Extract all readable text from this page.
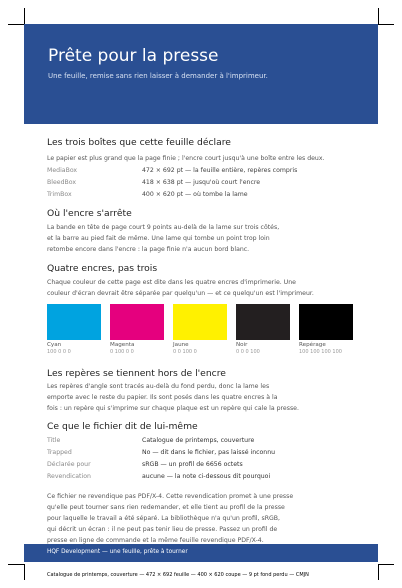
Prête pour la presse
Une feuille, remise sans rien laisser à demander à l'imprimeur.
Les trois boîtes que cette feuille déclare

Le papier est plus grand que la page finie ; l'encre court jusqu'à une boîte entre les deux.

MediaBox	472 × 692 pt — la feuille entière, repères compris
BleedBox	418 × 638 pt — jusqu'où court l'encre
TrimBox	400 × 620 pt — où tombe la lame
Où l'encre s'arrête

La bande en tête de page court 9 points au-delà de la lame sur trois côtés,

et la barre au pied fait de même. Une lame qui tombe un point trop loin

retombe encore dans l'encre : la page finie n'a aucun bord blanc.

Quatre encres, pas trois

Chaque couleur de cette page est dite dans les quatre encres d'imprimerie. Une

couleur d'écran devrait être séparée par quelqu'un — et ce quelqu'un est l'imprimeur.

Les repères se tiennent hors de l'encre

Les repères d'angle sont tracés au-delà du fond perdu, donc la lame les

emporte avec le reste du papier. Ils sont posés dans les quatre encres à la

fois : un repère qui s'imprime sur chaque plaque est un repère qui cale la presse.

Ce que le fichier dit de lui-même
Title	Catalogue de printemps, couverture
Trapped	No — dit dans le fichier, pas laissé inconnu
Déclarée pour	sRGB — un profil de 6656 octets
Revendication	aucune — la note ci-dessous dit pourquoi

Ce fichier ne revendique pas PDF/X-4. Cette revendication promet à une presse

qu'elle peut tourner sans rien redemander, et elle tient au profil de la presse

pour laquelle le travail a été séparé. La bibliothèque n'a qu'un profil, sRGB,

qui décrit un écran : il ne peut pas tenir lieu de presse. Passez un profil de

presse en ligne de commande et la même feuille revendique PDF/X-4.

Cyan
100 0 0 0
Magenta
0 100 0 0
Jaune
0 0 100 0
Noir
0 0 0 100
Repérage
100 100 100 100
HQF Development — une feuille, prête à tourner
Catalogue de printemps, couverture — 472 × 692 feuille — 400 × 620 coupe — 9 pt fond perdu — CMJN
